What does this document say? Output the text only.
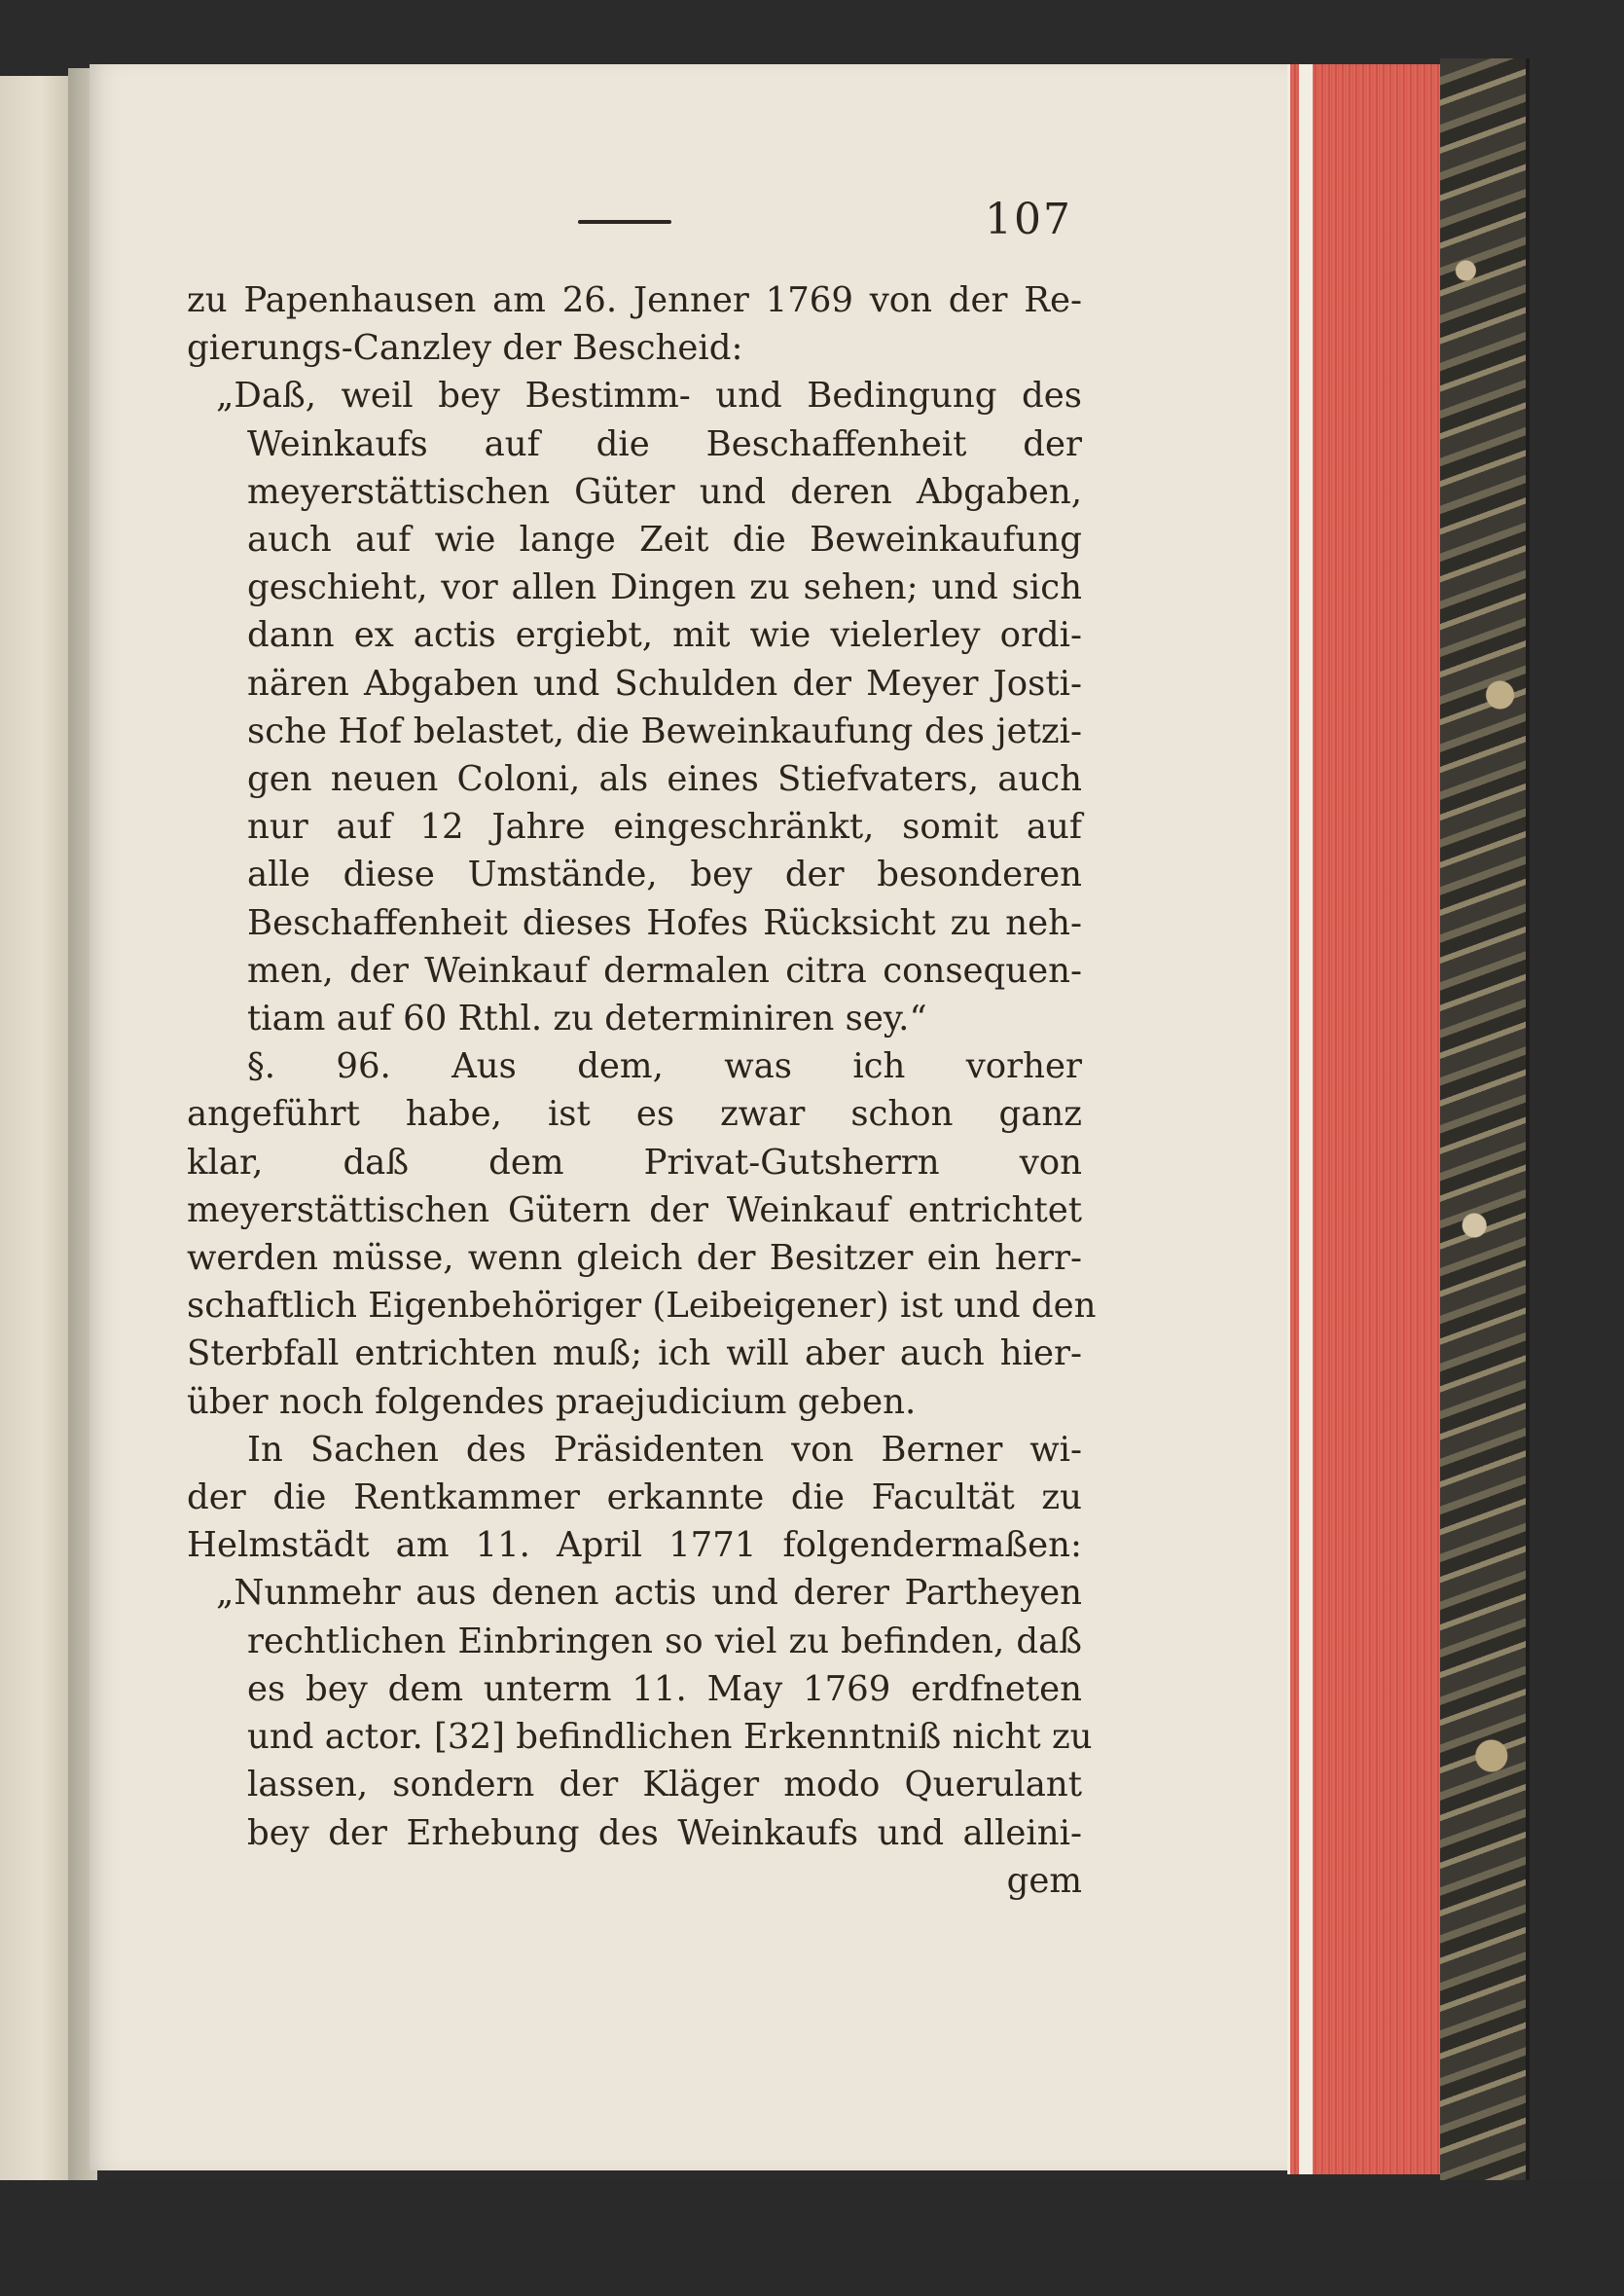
107
zu Papenhausen am 26. Jenner 1769 von der Re-
gierungs-Canzley der Bescheid:
„Daß, weil bey Bestimm- und Bedingung des
Weinkaufs auf die Beschaffenheit der
meyerstättischen Güter und deren Abgaben,
auch auf wie lange Zeit die Beweinkaufung
geschieht, vor allen Dingen zu sehen; und sich
dann ex actis ergiebt, mit wie vielerley ordi-
nären Abgaben und Schulden der Meyer Josti-
sche Hof belastet, die Beweinkaufung des jetzi-
gen neuen Coloni, als eines Stiefvaters, auch
nur auf 12 Jahre eingeschränkt, somit auf
alle diese Umstände, bey der besonderen
Beschaffenheit dieses Hofes Rücksicht zu neh-
men, der Weinkauf dermalen citra consequen-
tiam auf 60 Rthl. zu determiniren sey.“
§. 96. Aus dem, was ich vorher
angeführt habe, ist es zwar schon ganz
klar, daß dem Privat-Gutsherrn von
meyerstättischen Gütern der Weinkauf entrichtet
werden müsse, wenn gleich der Besitzer ein herr-
schaftlich Eigenbehöriger (Leibeigener) ist und den
Sterbfall entrichten muß; ich will aber auch hier-
über noch folgendes praejudicium geben.
In Sachen des Präsidenten von Berner wi-
der die Rentkammer erkannte die Facultät zu
Helmstädt am 11. April 1771 folgendermaßen:
„Nunmehr aus denen actis und derer Partheyen
rechtlichen Einbringen so viel zu befinden, daß
es bey dem unterm 11. May 1769 erdfneten
und actor. [32] befindlichen Erkenntniß nicht zu
lassen, sondern der Kläger modo Querulant
bey der Erhebung des Weinkaufs und alleini-
gem
